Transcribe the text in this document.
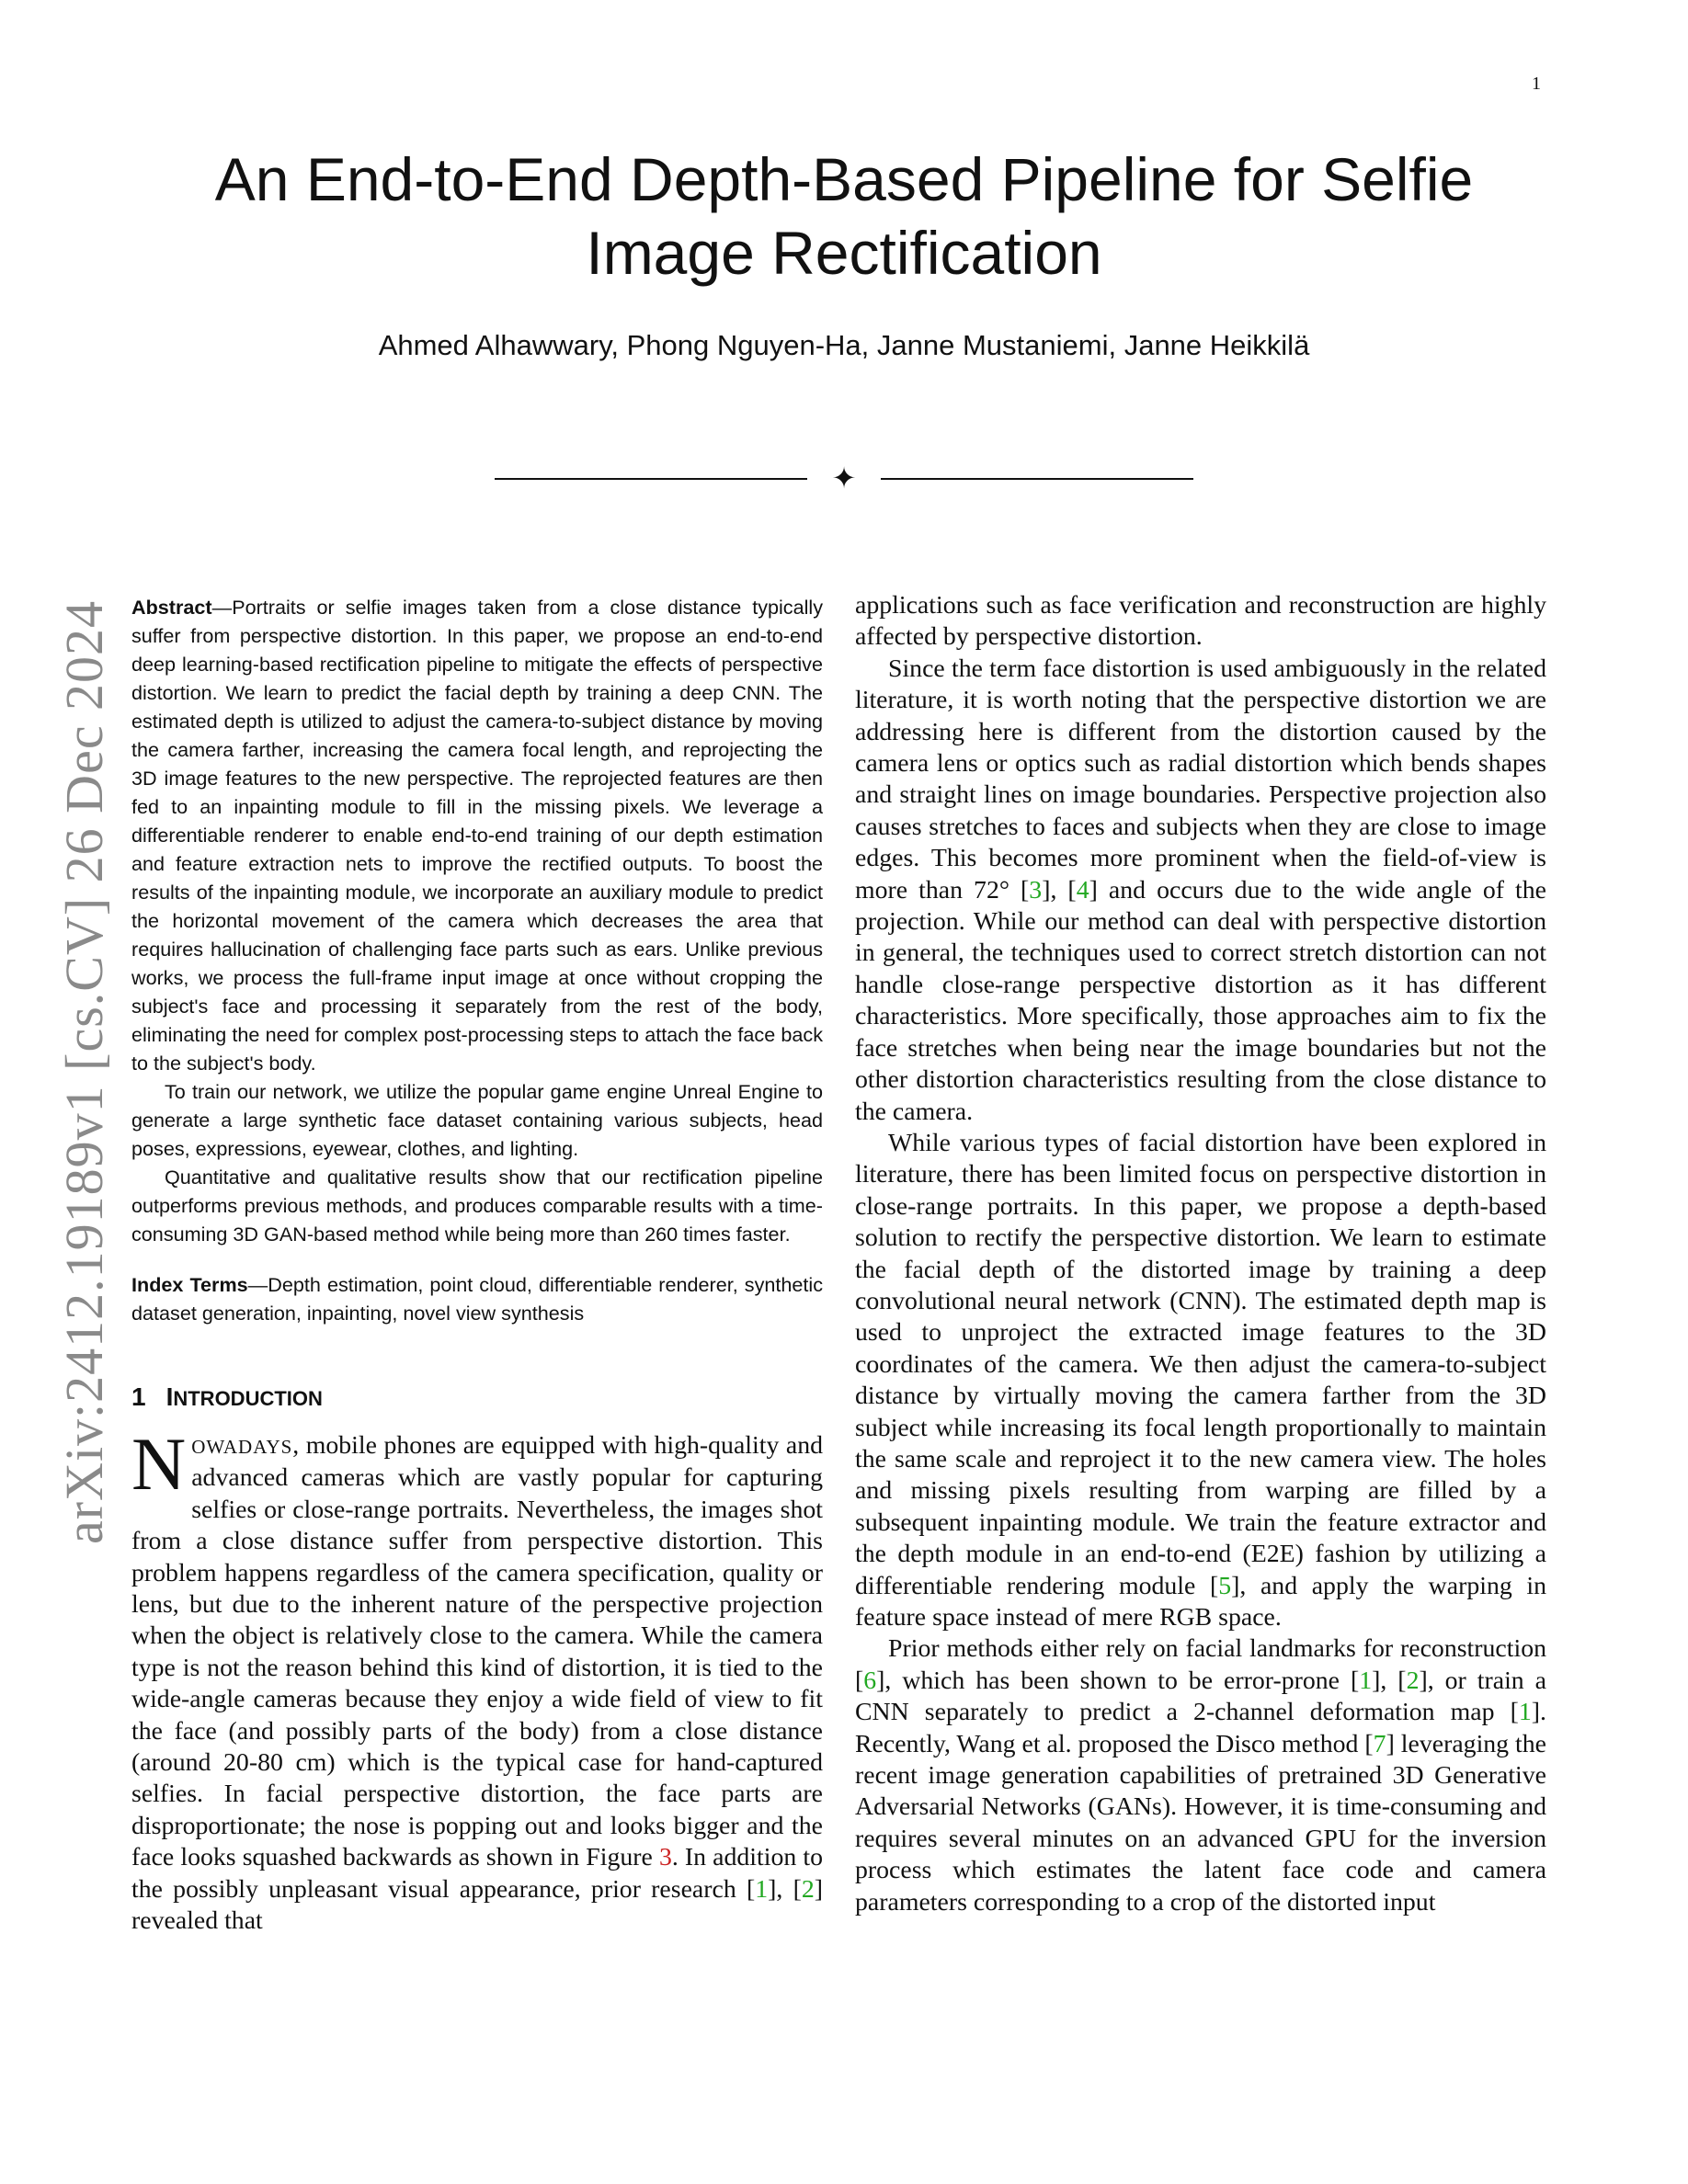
1
An End-to-End Depth-Based Pipeline for Selfie
Image Rectification
Ahmed Alhawwary, Phong Nguyen-Ha, Janne Mustaniemi, Janne Heikkilä
✦
arXiv:2412.19189v1 [cs.CV] 26 Dec 2024 Abstract—Portraits or selfie images taken from a close distance typically suffer from perspective distortion. In this paper, we propose an end-to-end deep learning-based rectification pipeline to mitigate the effects of perspective distortion. We learn to predict the facial depth by training a deep CNN. The estimated depth is utilized to adjust the camera-to-subject distance by moving the camera farther, increasing the camera focal length, and reprojecting the 3D image features to the new perspective. The reprojected features are then fed to an inpainting module to fill in the missing pixels. We leverage a differentiable renderer to enable end-to-end training of our depth estimation and feature extraction nets to improve the rectified outputs. To boost the results of the inpainting module, we incorporate an auxiliary module to predict the horizontal movement of the camera which decreases the area that requires hallucination of challenging face parts such as ears. Unlike previous works, we process the full-frame input image at once without cropping the subject's face and processing it separately from the rest of the body, eliminating the need for complex post-processing steps to attach the face back to the subject's body.

To train our network, we utilize the popular game engine Unreal Engine to generate a large synthetic face dataset containing various subjects, head poses, expressions, eyewear, clothes, and lighting.

Quantitative and qualitative results show that our rectification pipeline outperforms previous methods, and produces comparable results with a time-consuming 3D GAN-based method while being more than 260 times faster.

Index Terms—Depth estimation, point cloud, differentiable renderer, synthetic dataset generation, inpainting, novel view synthesis

1 INTRODUCTION

NOWADAYS, mobile phones are equipped with high-quality and advanced cameras which are vastly popular for capturing selfies or close-range portraits. Nevertheless, the images shot from a close distance suffer from perspective distortion. This problem happens regardless of the camera specification, quality or lens, but due to the inherent nature of the perspective projection when the object is relatively close to the camera. While the camera type is not the reason behind this kind of distortion, it is tied to the wide-angle cameras because they enjoy a wide field of view to fit the face (and possibly parts of the body) from a close distance (around 20-80 cm) which is the typical case for hand-captured selfies. In facial perspective distortion, the face parts are disproportionate; the nose is popping out and looks bigger and the face looks squashed backwards as shown in Figure 3. In addition to the possibly unpleasant visual appearance, prior research [1], [2] revealed that

applications such as face verification and reconstruction are highly affected by perspective distortion.

Since the term face distortion is used ambiguously in the related literature, it is worth noting that the perspective distortion we are addressing here is different from the distortion caused by the camera lens or optics such as radial distortion which bends shapes and straight lines on image boundaries. Perspective projection also causes stretches to faces and subjects when they are close to image edges. This becomes more prominent when the field-of-view is more than 72° [3], [4] and occurs due to the wide angle of the projection. While our method can deal with perspective distortion in general, the techniques used to correct stretch distortion can not handle close-range perspective distortion as it has different characteristics. More specifically, those approaches aim to fix the face stretches when being near the image boundaries but not the other distortion characteristics resulting from the close distance to the camera.

While various types of facial distortion have been explored in literature, there has been limited focus on perspective distortion in close-range portraits. In this paper, we propose a depth-based solution to rectify the perspective distortion. We learn to estimate the facial depth of the distorted image by training a deep convolutional neural network (CNN). The estimated depth map is used to unproject the extracted image features to the 3D coordinates of the camera. We then adjust the camera-to-subject distance by virtually moving the camera farther from the 3D subject while increasing its focal length proportionally to maintain the same scale and reproject it to the new camera view. The holes and missing pixels resulting from warping are filled by a subsequent inpainting module. We train the feature extractor and the depth module in an end-to-end (E2E) fashion by utilizing a differentiable rendering module [5], and apply the warping in feature space instead of mere RGB space.

Prior methods either rely on facial landmarks for reconstruction [6], which has been shown to be error-prone [1], [2], or train a CNN separately to predict a 2-channel deformation map [1]. Recently, Wang et al. proposed the Disco method [7] leveraging the recent image generation capabilities of pretrained 3D Generative Adversarial Networks (GANs). However, it is time-consuming and requires several minutes on an advanced GPU for the inversion process which estimates the latent face code and camera parameters corresponding to a crop of the distorted input
